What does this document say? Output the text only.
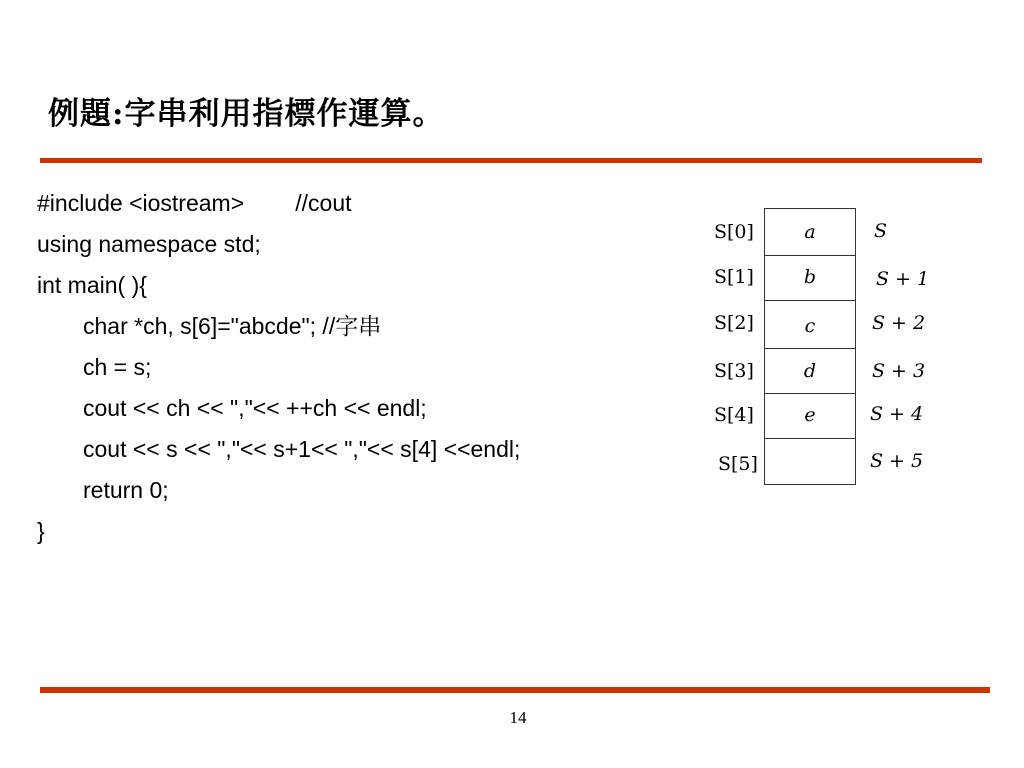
例題:字串利用指標作運算。
#include <iostream>        //cout
using namespace std;
int main( ){
char *ch, s[6]="abcde"; //字串
ch = s;
cout << ch << ","<< ++ch << endl;
cout << s << ","<< s+1<< ","<< s[4] <<endl;
return 0;
}
a
b
c
d
e
S[0]
S[1]
S[2]
S[3]
S[4]
S[5]
S
S + 1
S + 2
S + 3
S + 4
S + 5
14
